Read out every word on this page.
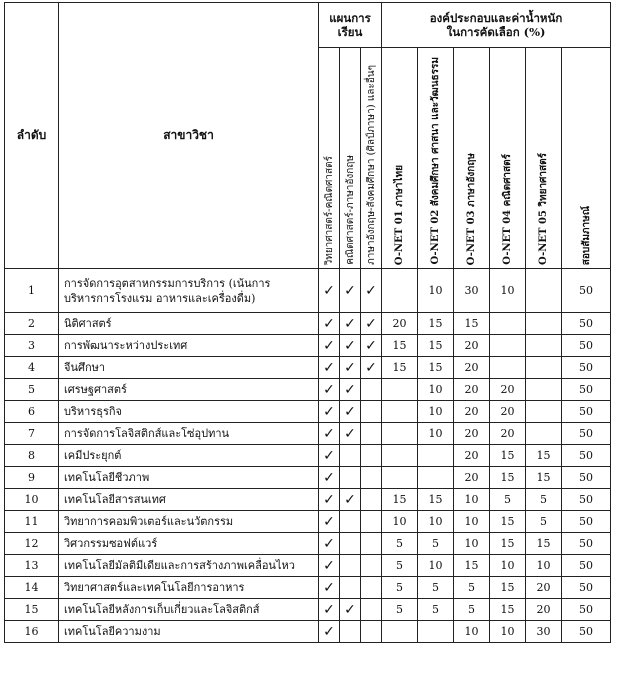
ลำดับ	สาขาวิชา	แผนการเรียน			องค์ประกอบและค่าน้ำหนัก
ในการคัดเลือก (%)					

		วิทยาศาสตร์-คณิตศาสตร์	คณิตศาสตร์-ภาษาอังกฤษ	ภาษาอังกฤษ-สังคมศึกษา (ศิลป์ภาษา) และอื่นๆ	O-NET 01 ภาษาไทย	O-NET 02 สังคมศึกษา ศาสนา และวัฒนธรรม	O-NET 03 ภาษาอังกฤษ	O-NET 04 คณิตศาสตร์	O-NET 05 วิทยาศาสตร์	สอบสัมภาษณ์
1	การจัดการอุตสาหกรรมการบริการ (เน้นการ
บริหารการโรงแรม อาหารและเครื่องดื่ม)	✓	✓	✓		10	30	10		50
2	นิติศาสตร์	✓	✓	✓	20	15	15			50
3	การพัฒนาระหว่างประเทศ	✓	✓	✓	15	15	20			50
4	จีนศึกษา	✓	✓	✓	15	15	20			50
5	เศรษฐศาสตร์	✓	✓			10	20	20		50
6	บริหารธุรกิจ	✓	✓			10	20	20		50
7	การจัดการโลจิสติกส์และโซ่อุปทาน	✓	✓			10	20	20		50
8	เคมีประยุกต์	✓					20	15	15	50
9	เทคโนโลยีชีวภาพ	✓					20	15	15	50
10	เทคโนโลยีสารสนเทศ	✓	✓		15	15	10	5	5	50
11	วิทยาการคอมพิวเตอร์และนวัตกรรม	✓			10	10	10	15	5	50
12	วิศวกรรมซอฟต์แวร์	✓			5	5	10	15	15	50
13	เทคโนโลยีมัลติมีเดียและการสร้างภาพเคลื่อนไหว	✓			5	10	15	10	10	50
14	วิทยาศาสตร์และเทคโนโลยีการอาหาร	✓			5	5	5	15	20	50
15	เทคโนโลยีหลังการเก็บเกี่ยวและโลจิสติกส์	✓	✓		5	5	5	15	20	50
16	เทคโนโลยีความงาม	✓					10	10	30	50
